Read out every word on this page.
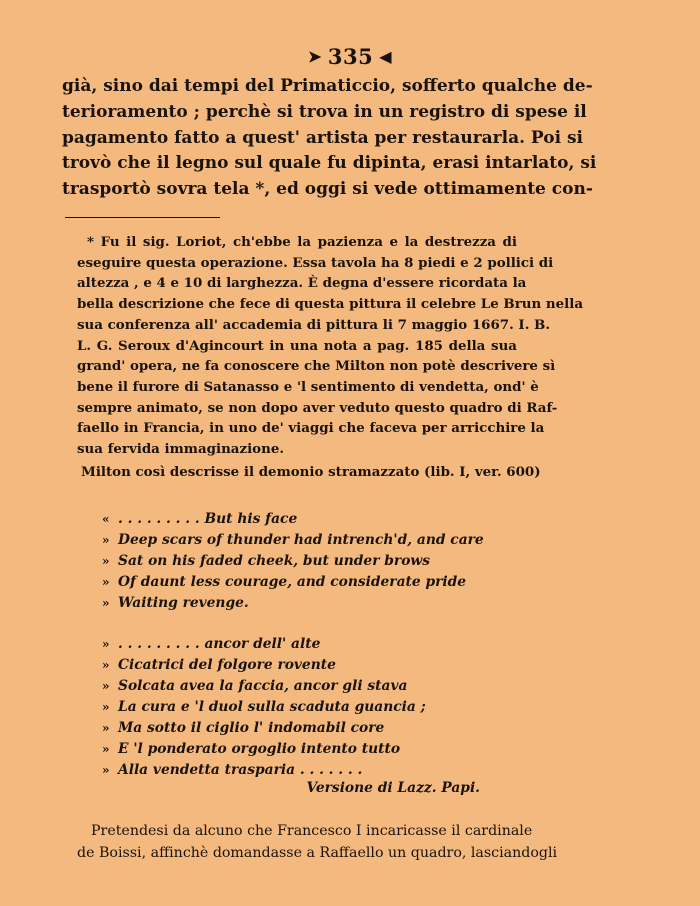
➤ 335 ◀
già, sino dai tempi del Primaticcio, sofferto qualche de-
terioramento ; perchè si trova in un registro di spese il
pagamento fatto a quest' artista per restaurarla. Poi si
trovò che il legno sul quale fu dipinta, erasi intarlato, si
trasportò sovra tela *, ed oggi si vede ottimamente con-
* Fu il sig. Loriot, ch'ebbe la pazienza e la destrezza di
eseguire questa operazione. Essa tavola ha 8 piedi e 2 pollici di
altezza , e 4 e 10 di larghezza. È degna d'essere ricordata la
bella descrizione che fece di questa pittura il celebre Le Brun nella
sua conferenza all' accademia di pittura li 7 maggio 1667. I. B.
L. G. Seroux d'Agincourt in una nota a pag. 185 della sua
grand' opera, ne fa conoscere che Milton non potè descrivere sì
bene il furore di Satanasso e 'l sentimento di vendetta, ond' è
sempre animato, se non dopo aver veduto questo quadro di Raf-
faello in Francia, in uno de' viaggi che faceva per arricchire la
sua fervida immaginazione.
Milton così descrisse il demonio stramazzato (lib. I, ver. 600)
« . . . . . . . . . But his face
» Deep scars of thunder had intrench'd, and care
» Sat on his faded cheek, but under brows
» Of daunt less courage, and considerate pride
» Waiting revenge.
» . . . . . . . . . ancor dell' alte
» Cicatrici del folgore rovente
» Solcata avea la faccia, ancor gli stava
» La cura e 'l duol sulla scaduta guancia ;
» Ma sotto il ciglio l' indomabil core
» E 'l ponderato orgoglio intento tutto
» Alla vendetta traspariа . . . . . . .
Versione di Lazz. Papi.
Pretendesi da alcuno che Francesco I incaricasse il cardinale
de Boissi, affinchè domandasse a Raffaello un quadro, lasciandogli
